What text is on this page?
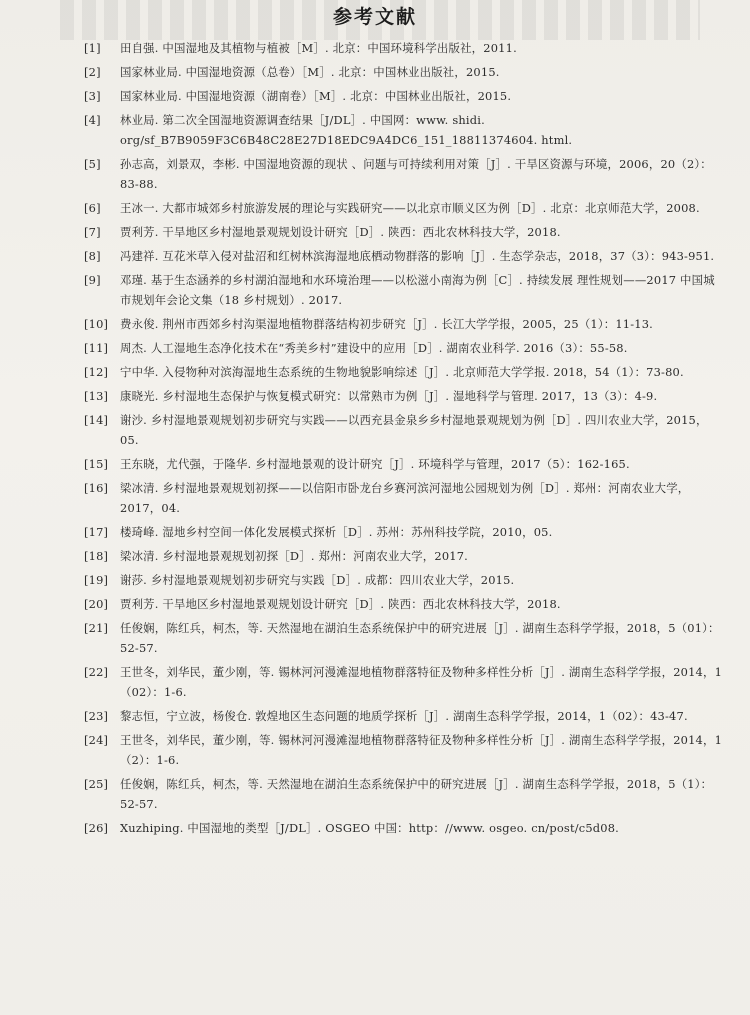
参考文献
[1] 田自强. 中国湿地及其植物与植被［M］. 北京：中国环境科学出版社，2011.
[2] 国家林业局. 中国湿地资源（总卷）［M］. 北京：中国林业出版社，2015.
[3] 国家林业局. 中国湿地资源（湖南卷）［M］. 北京：中国林业出版社，2015.
[4] 林业局. 第二次全国湿地资源调查结果［J/DL］. 中国网：www. shidi. org/sf_B7B9059F3C6B48C28E27D18EDC9A4DC6_151_18811374604. html.
[5] 孙志高，刘景双，李彬. 中国湿地资源的现状 、问题与可持续利用对策［J］. 干旱区资源与环境，2006，20（2）：83-88.
[6] 王冰一. 大都市城郊乡村旅游发展的理论与实践研究——以北京市顺义区为例［D］. 北京：北京师范大学，2008.
[7] 贾利芳. 干旱地区乡村湿地景观规划设计研究［D］. 陕西：西北农林科技大学，2018.
[8] 冯建祥. 互花米草入侵对盐沼和红树林滨海湿地底栖动物群落的影响［J］. 生态学杂志，2018，37（3）：943-951.
[9] 邓瑾. 基于生态涵养的乡村湖泊湿地和水环境治理——以松滋小南海为例［C］. 持续发展 理性规划——2017 中国城市规划年会论文集（18 乡村规划）. 2017.
[10] 费永俊. 荆州市西郊乡村沟渠湿地植物群落结构初步研究［J］. 长江大学学报，2005，25（1）：11-13.
[11] 周杰. 人工湿地生态净化技术在“秀美乡村”建设中的应用［D］. 湖南农业科学. 2016（3）：55-58.
[12] 宁中华. 入侵物种对滨海湿地生态系统的生物地貌影响综述［J］. 北京师范大学学报. 2018，54（1）：73-80.
[13] 康晓光. 乡村湿地生态保护与恢复模式研究：以常熟市为例［J］. 湿地科学与管理. 2017，13（3）：4-9.
[14] 谢沙. 乡村湿地景观规划初步研究与实践——以西充县金泉乡乡村湿地景观规划为例［D］. 四川农业大学，2015，05.
[15] 王东晓，尤代强，于隆华. 乡村湿地景观的设计研究［J］. 环境科学与管理，2017（5）：162-165.
[16] 梁冰清. 乡村湿地景观规划初探——以信阳市卧龙台乡赛河滨河湿地公园规划为例［D］. 郑州：河南农业大学，2017，04.
[17] 楼琦峰. 湿地乡村空间一体化发展模式探析［D］. 苏州：苏州科技学院，2010，05.
[18] 梁冰清. 乡村湿地景观规划初探［D］. 郑州：河南农业大学，2017.
[19] 谢莎. 乡村湿地景观规划初步研究与实践［D］. 成都：四川农业大学，2015.
[20] 贾利芳. 干旱地区乡村湿地景观规划设计研究［D］. 陕西：西北农林科技大学，2018.
[21] 任俊娴，陈红兵，柯杰，等. 天然湿地在湖泊生态系统保护中的研究进展［J］. 湖南生态科学学报，2018，5（01）：52-57.
[22] 王世冬，刘华民，董少刚，等. 锡林河河漫滩湿地植物群落特征及物种多样性分析［J］. 湖南生态科学学报，2014，1（02）：1-6.
[23] 黎志恒，宁立波，杨俊仓. 敦煌地区生态问题的地质学探析［J］. 湖南生态科学学报，2014，1（02）：43-47.
[24] 王世冬，刘华民，董少刚，等. 锡林河河漫滩湿地植物群落特征及物种多样性分析［J］. 湖南生态科学学报，2014，1（2）：1-6.
[25] 任俊娴，陈红兵，柯杰，等. 天然湿地在湖泊生态系统保护中的研究进展［J］. 湖南生态科学学报，2018，5（1）：52-57.
[26] Xuzhiping. 中国湿地的类型［J/DL］. OSGEO 中国：http：//www. osgeo. cn/post/c5d08.
